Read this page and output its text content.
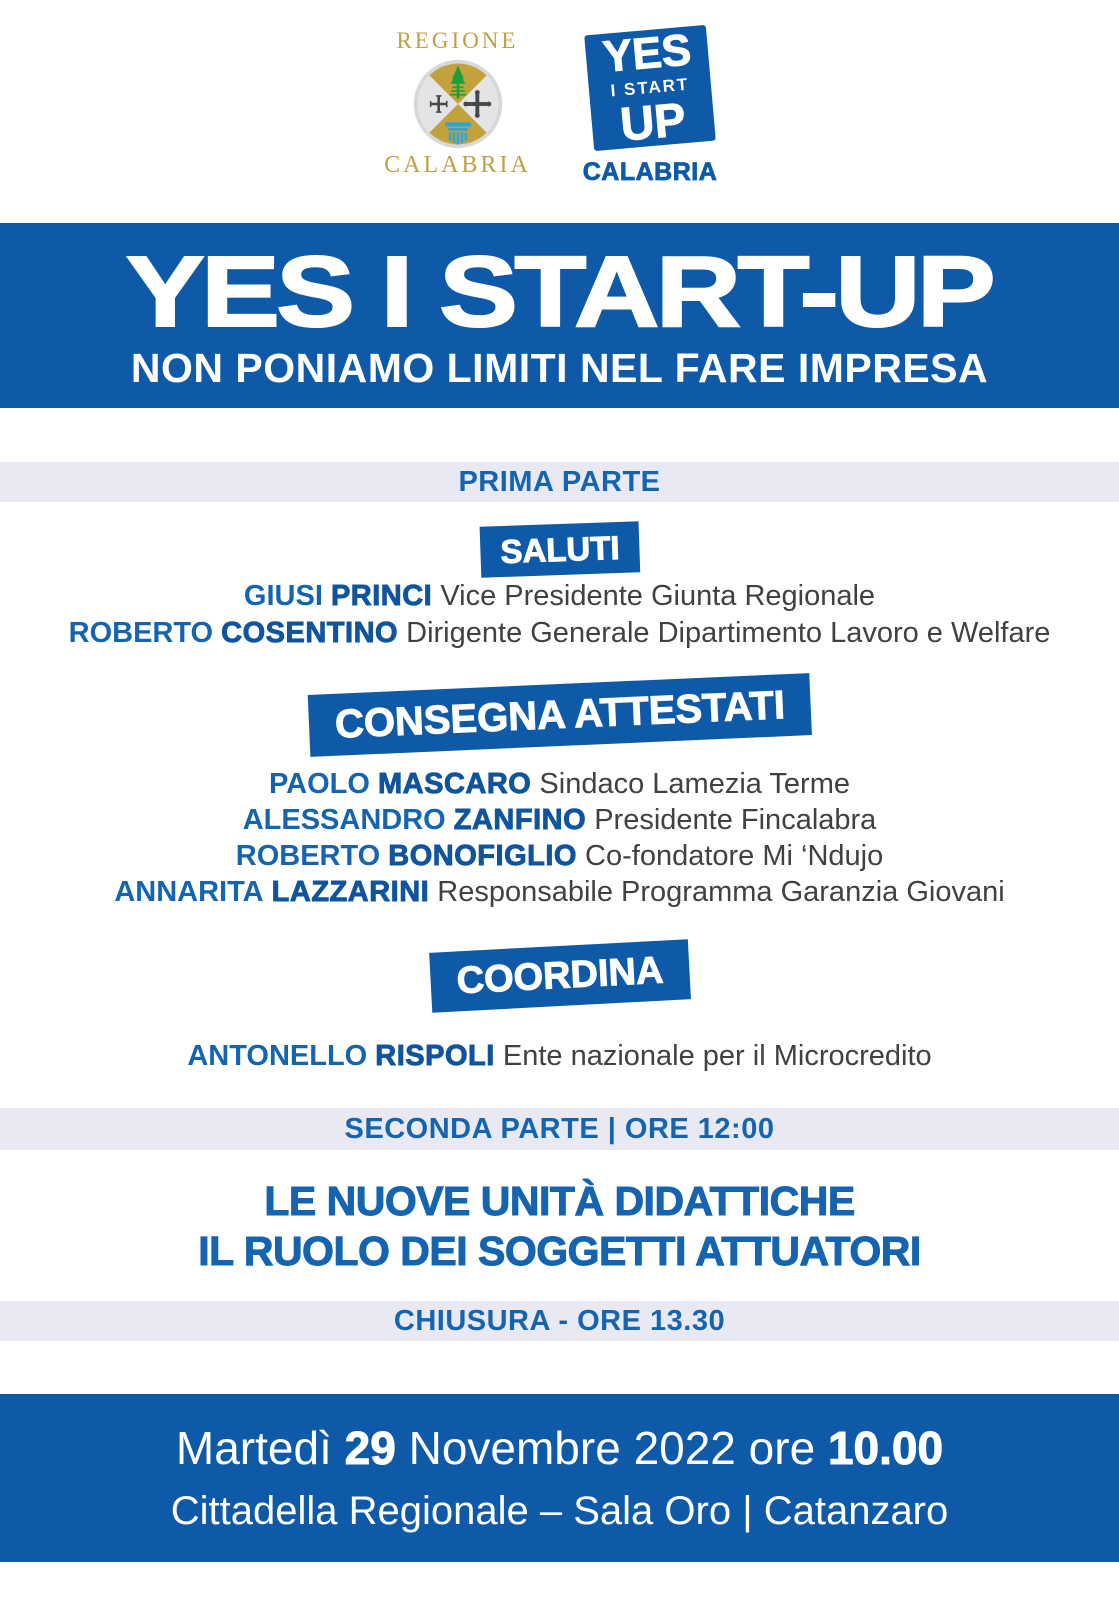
REGIONE
CALABRIA
YES
I START
UP
CALABRIA
YES I START-UP
NON PONIAMO LIMITI NEL FARE IMPRESA
PRIMA PARTE
SALUTI

GIUSI PRINCI Vice Presidente Giunta Regionale

ROBERTO COSENTINO Dirigente Generale Dipartimento Lavoro e Welfare

CONSEGNA ATTESTATI

PAOLO MASCARO Sindaco Lamezia Terme

ALESSANDRO ZANFINO Presidente Fincalabra

ROBERTO BONOFIGLIO Co-fondatore Mi ‘Ndujo

ANNARITA LAZZARINI Responsabile Programma Garanzia Giovani

COORDINA

ANTONELLO RISPOLI Ente nazionale per il Microcredito

SECONDA PARTE | ORE 12:00
LE NUOVE UNITÀ DIDATTICHE
IL RUOLO DEI SOGGETTI ATTUATORI
CHIUSURA - ORE 13.30
Martedì 29 Novembre 2022 ore 10.00
Cittadella Regionale – Sala Oro | Catanzaro
